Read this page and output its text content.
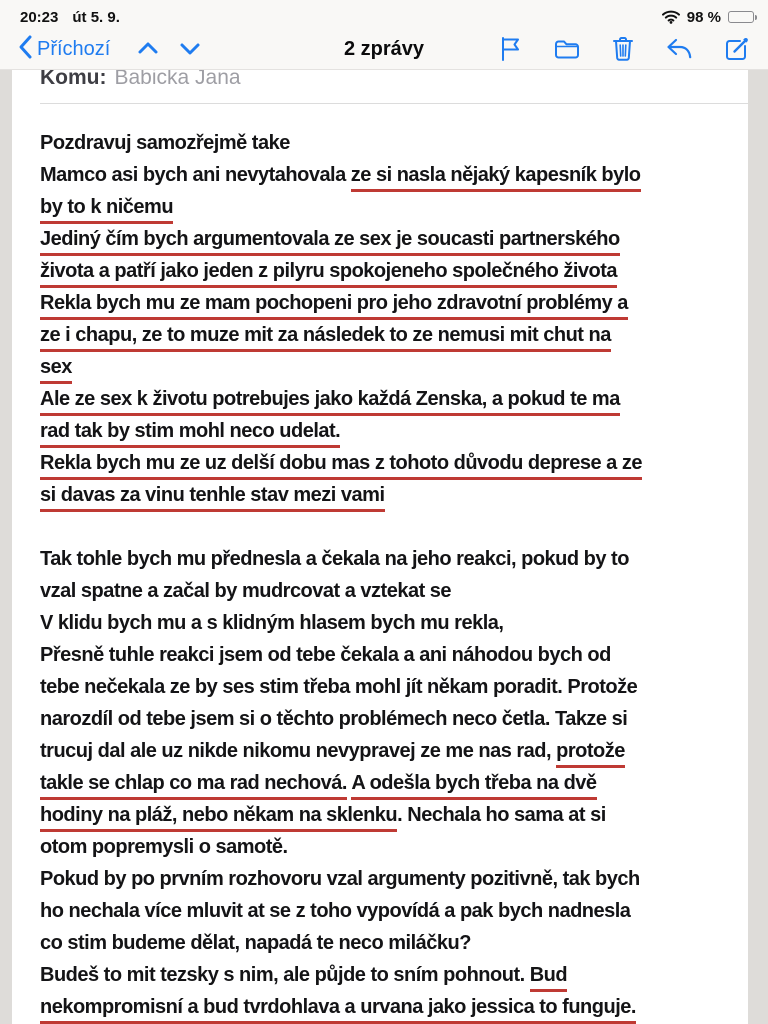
20:23 út 5. 9.	98 %
Příchozí	2 zprávy
Komu: Babicka Jana
Pozdravuj samozřejmě take
Mamco asi bych ani nevytahovala ze si nasla nějaký kapesník bylo
by to k ničemu
Jediný čím bych argumentovala ze sex je soucasti partnerského
života a patří jako jeden z pilyru spokojeneho společného života
Rekla bych mu ze mam pochopeni pro jeho zdravotní problémy a
ze i chapu, ze to muze mit za následek to ze nemusi mit chut na
sex
Ale ze sex k životu potrebujes jako každá Zenska, a pokud te ma
rad tak by stim mohl neco udelat.
Rekla bych mu ze uz delší dobu mas z tohoto důvodu deprese a ze
si davas za vinu tenhle stav mezi vami
Tak tohle bych mu přednesla a čekala na jeho reakci, pokud by to
vzal spatne a začal by mudrcovat a vztekat se
V klidu bych mu a s klidným hlasem bych mu rekla,
Přesně tuhle reakci jsem od tebe čekala a ani náhodou bych od
tebe nečekala ze by ses stim třeba mohl jít někam poradit. Protože
narozdíl od tebe jsem si o těchto problémech neco četla. Takze si
trucuj dal ale uz nikde nikomu nevypravej ze me nas rad, protože
takle se chlap co ma rad nechová. A odešla bych třeba na dvě
hodiny na pláž, nebo někam na sklenku. Nechala ho sama at si
otom popremysli o samotě.
Pokud by po prvním rozhovoru vzal argumenty pozitivně, tak bych
ho nechala více mluvit at se z toho vypovídá a pak bych nadnesla
co stim budeme dělat, napadá te neco miláčku?
Budeš to mit tezsky s nim, ale půjde to sním pohnout. Bud
nekompromisní a bud tvrdohlava a urvana jako jessica to funguje.
